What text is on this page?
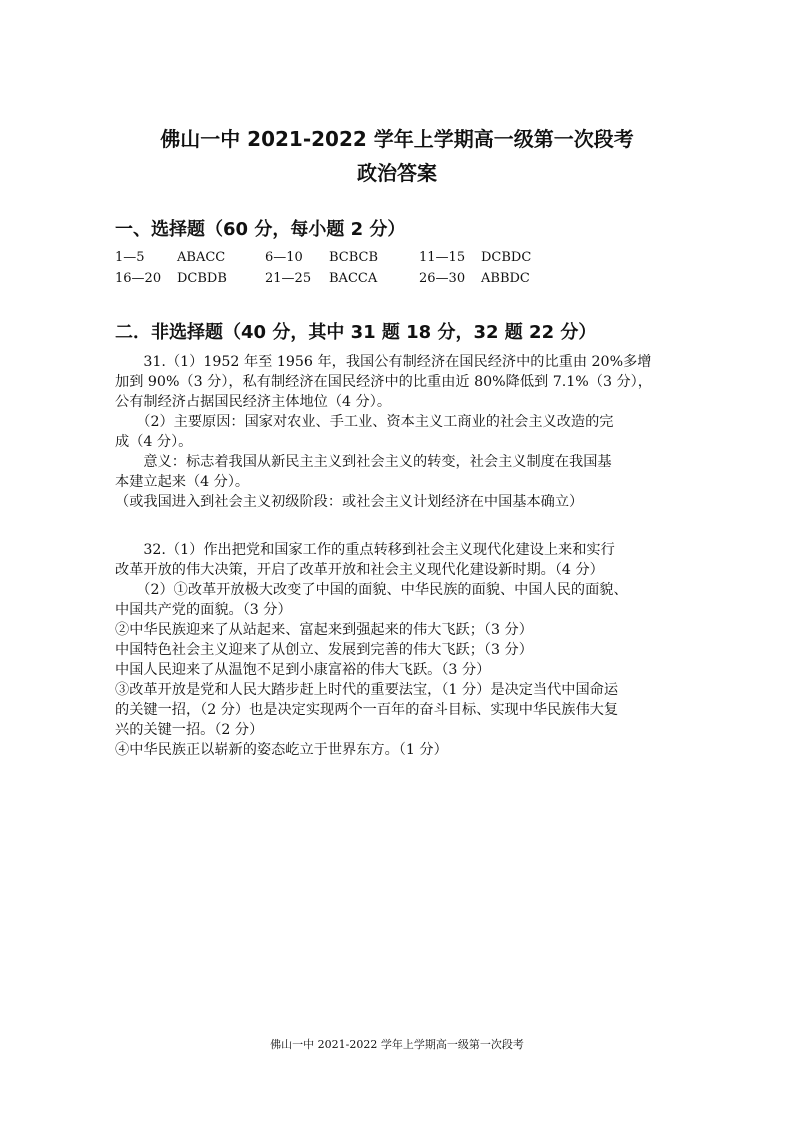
佛山一中 2021-2022 学年上学期高一级第一次段考
政治答案
一、选择题（60 分，每小题 2 分）
1—5 ABACC	6—10 BCBCB	11—15 DCBDC
16—20 DCBDB	21—25 BACCA	26—30 ABBDC
二．非选择题（40 分，其中 31 题 18 分，32 题 22 分）
　　31.（1）1952 年至 1956 年，我国公有制经济在国民经济中的比重由 20%多增
加到 90%（3 分），私有制经济在国民经济中的比重由近 80%降低到 7.1%（3 分），
公有制经济占据国民经济主体地位（4 分）。
　　（2）主要原因：国家对农业、手工业、资本主义工商业的社会主义改造的完
成（4 分）。
　　意义：标志着我国从新民主主义到社会主义的转变，社会主义制度在我国基
本建立起来（4 分）。
（或我国进入到社会主义初级阶段：或社会主义计划经济在中国基本确立）
　　32.（1）作出把党和国家工作的重点转移到社会主义现代化建设上来和实行
改革开放的伟大决策，开启了改革开放和社会主义现代化建设新时期。（4 分）
　　（2）①改革开放极大改变了中国的面貌、中华民族的面貌、中国人民的面貌、
中国共产党的面貌。（3 分）
②中华民族迎来了从站起来、富起来到强起来的伟大飞跃；（3 分）
中国特色社会主义迎来了从创立、发展到完善的伟大飞跃；（3 分）
中国人民迎来了从温饱不足到小康富裕的伟大飞跃。（3 分）
③改革开放是党和人民大踏步赶上时代的重要法宝，（1 分）是决定当代中国命运
的关键一招，（2 分）也是决定实现两个一百年的奋斗目标、实现中华民族伟大复
兴的关键一招。（2 分）
④中华民族正以崭新的姿态屹立于世界东方。（1 分）
佛山一中 2021-2022 学年上学期高一级第一次段考
